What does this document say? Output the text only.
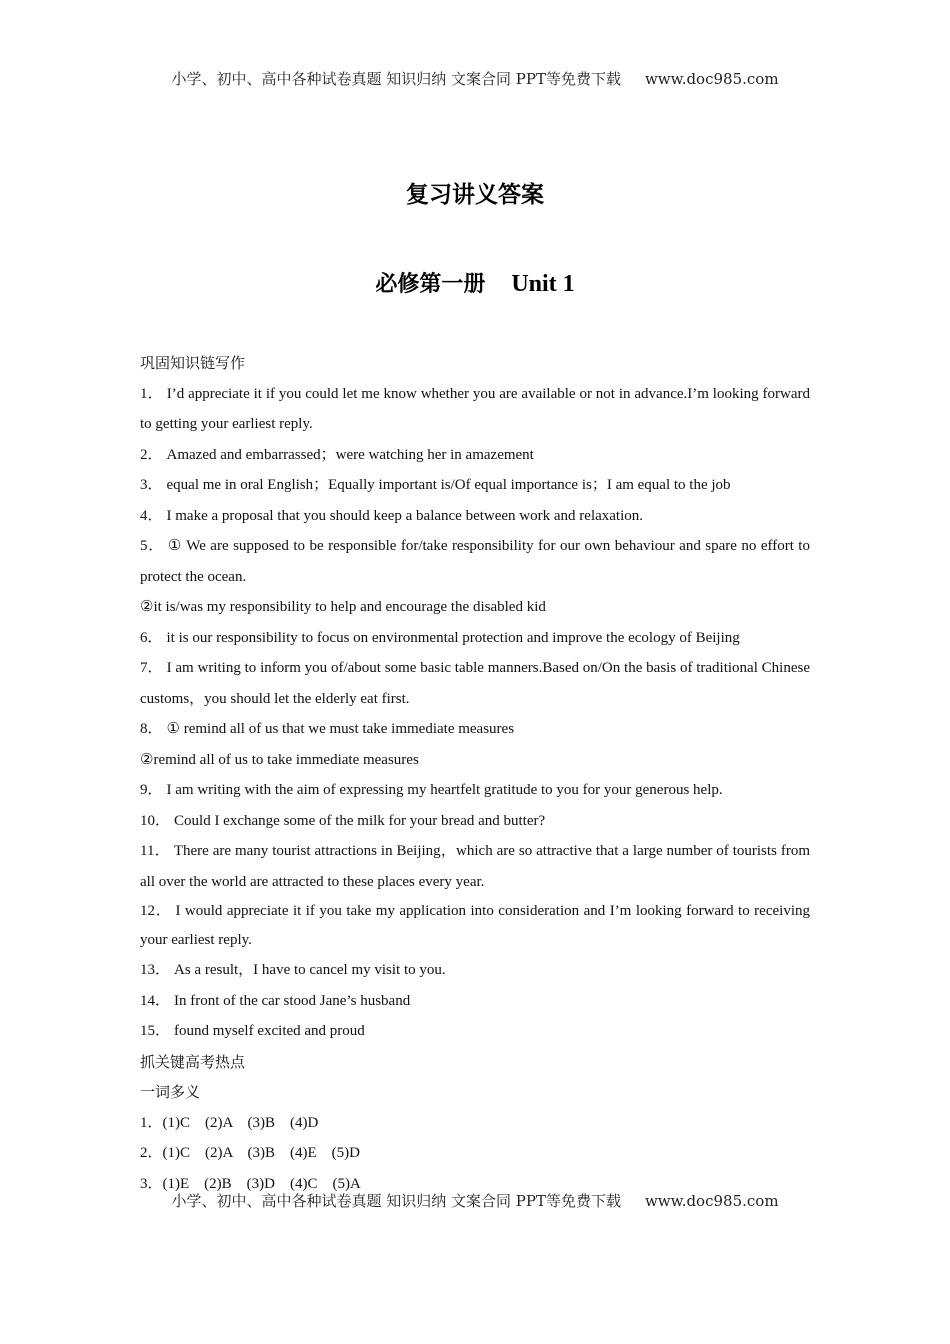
小学、初中、高中各种试卷真题 知识归纳 文案合同 PPT等免费下载 www.doc985.com
复习讲义答案
必修第一册 Unit 1

巩固知识链写作

1． I’d appreciate it if you could let me know whether you are available or not in advance.I’m looking forward to getting your earliest reply.

2． Amazed and embarrassed；were watching her in amazement

3． equal me in oral English；Equally important is/Of equal importance is；I am equal to the job

4． I make a proposal that you should keep a balance between work and relaxation.

5． ① We are supposed to be responsible for/take responsibility for our own behaviour and spare no effort to protect the ocean.

②it is/was my responsibility to help and encourage the disabled kid

6． it is our responsibility to focus on environmental protection and improve the ecology of Beijing

7． I am writing to inform you of/about some basic table manners.Based on/On the basis of traditional Chinese customs，you should let the elderly eat first.

8． ① remind all of us that we must take immediate measures

②remind all of us to take immediate measures

9． I am writing with the aim of expressing my heartfelt gratitude to you for your generous help.

10． Could I exchange some of the milk for your bread and butter?

11． There are many tourist attractions in Beijing，which are so attractive that a large number of tourists from all over the world are attracted to these places every year.

12． I would appreciate it if you take my application into consideration and I’m looking forward to receiving your earliest reply.

13． As a result，I have to cancel my visit to you.

14． In front of the car stood Jane’s husband

15． found myself excited and proud

抓关键高考热点

一词多义

1．(1)C    (2)A    (3)B    (4)D

2．(1)C    (2)A    (3)B    (4)E    (5)D

3．(1)E    (2)B    (3)D    (4)C    (5)A

小学、初中、高中各种试卷真题 知识归纳 文案合同 PPT等免费下载 www.doc985.com
